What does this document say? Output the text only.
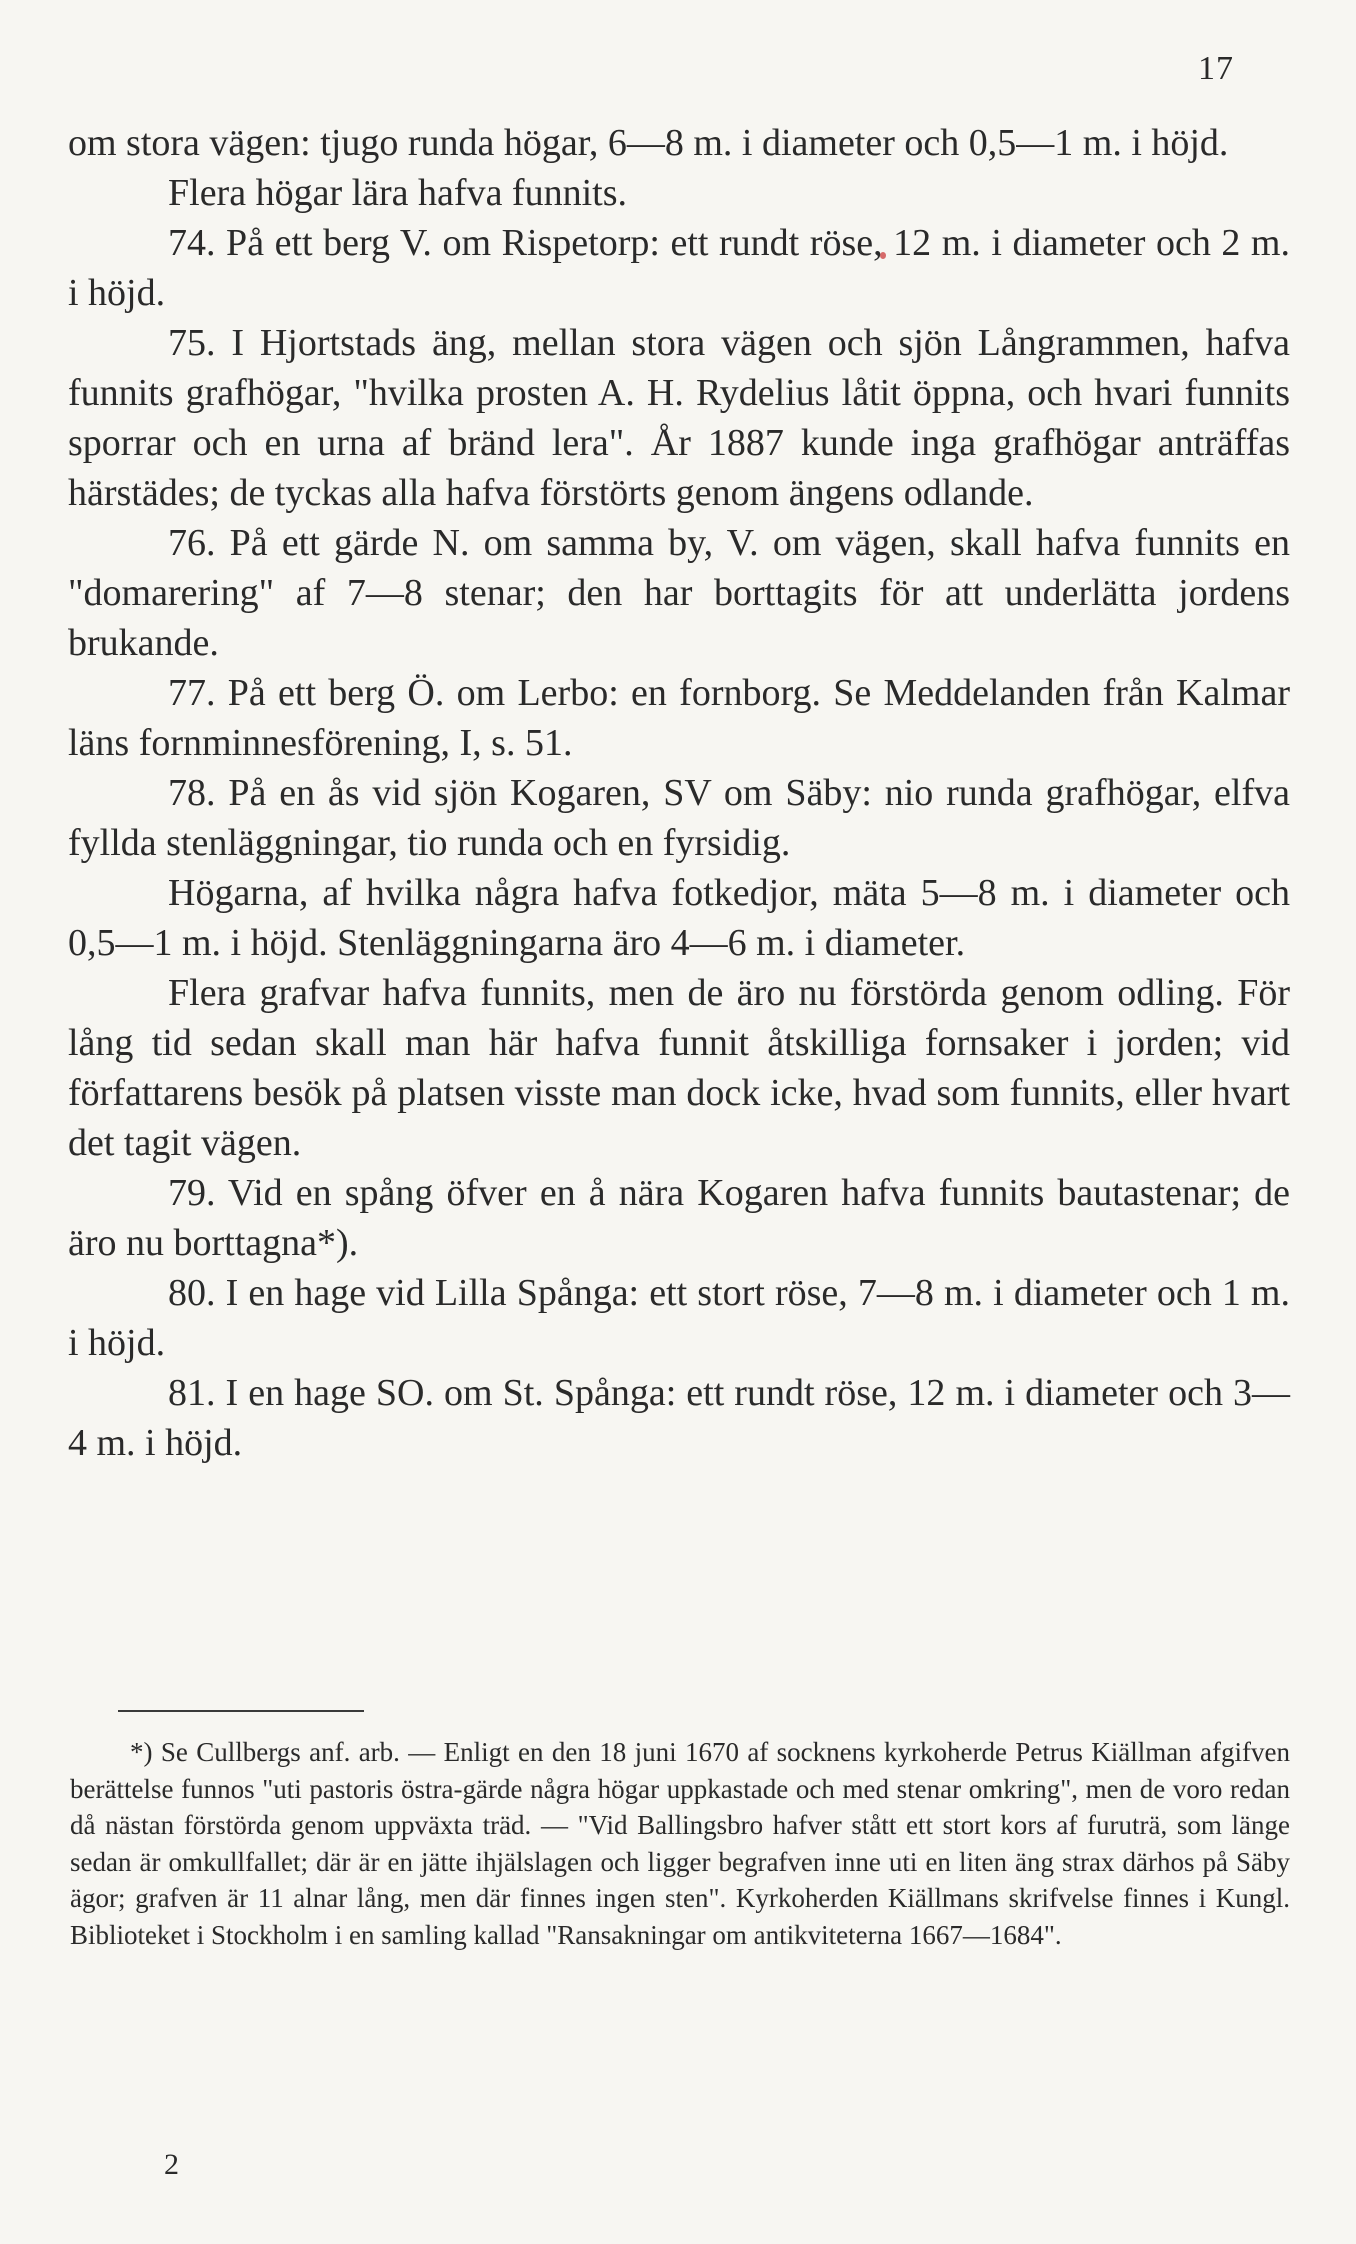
17

om stora vägen: tjugo runda högar, 6—8 m. i diameter och 0,5—1 m. i höjd.

Flera högar lära hafva funnits.

74. På ett berg V. om Rispetorp: ett rundt röse, 12 m. i diameter och 2 m. i höjd.

75. I Hjortstads äng, mellan stora vägen och sjön Långrammen, hafva funnits grafhögar, "hvilka prosten A. H. Rydelius låtit öppna, och hvari funnits sporrar och en urna af bränd lera". År 1887 kunde inga grafhögar anträffas härstädes; de tyckas alla hafva förstörts genom ängens odlande.

76. På ett gärde N. om samma by, V. om vägen, skall hafva funnits en "domarering" af 7—8 stenar; den har borttagits för att underlätta jordens brukande.

77. På ett berg Ö. om Lerbo: en fornborg. Se Meddelanden från Kalmar läns fornminnesförening, I, s. 51.

78. På en ås vid sjön Kogaren, SV om Säby: nio runda grafhögar, elfva fyllda stenläggningar, tio runda och en fyrsidig.

Högarna, af hvilka några hafva fotkedjor, mäta 5—8 m. i diameter och 0,5—1 m. i höjd. Stenläggningarna äro 4—6 m. i diameter.

Flera grafvar hafva funnits, men de äro nu förstörda genom odling. För lång tid sedan skall man här hafva funnit åtskilliga fornsaker i jorden; vid författarens besök på platsen visste man dock icke, hvad som funnits, eller hvart det tagit vägen.

79. Vid en spång öfver en å nära Kogaren hafva funnits bautastenar; de äro nu borttagna*).

80. I en hage vid Lilla Spånga: ett stort röse, 7—8 m. i diameter och 1 m. i höjd.

81. I en hage SO. om St. Spånga: ett rundt röse, 12 m. i diameter och 3—4 m. i höjd.

*) Se Cullbergs anf. arb. — Enligt en den 18 juni 1670 af socknens kyrkoherde Petrus Kiällman afgifven berättelse funnos "uti pastoris östra-gärde några högar uppkastade och med stenar omkring", men de voro redan då nästan förstörda genom uppväxta träd. — "Vid Ballingsbro hafver stått ett stort kors af furuträ, som länge sedan är omkullfallet; där är en jätte ihjälslagen och ligger begrafven inne uti en liten äng strax därhos på Säby ägor; grafven är 11 alnar lång, men där finnes ingen sten". Kyrkoherden Kiällmans skrifvelse finnes i Kungl. Biblioteket i Stockholm i en samling kallad "Ransakningar om antikviteterna 1667—1684".

2
